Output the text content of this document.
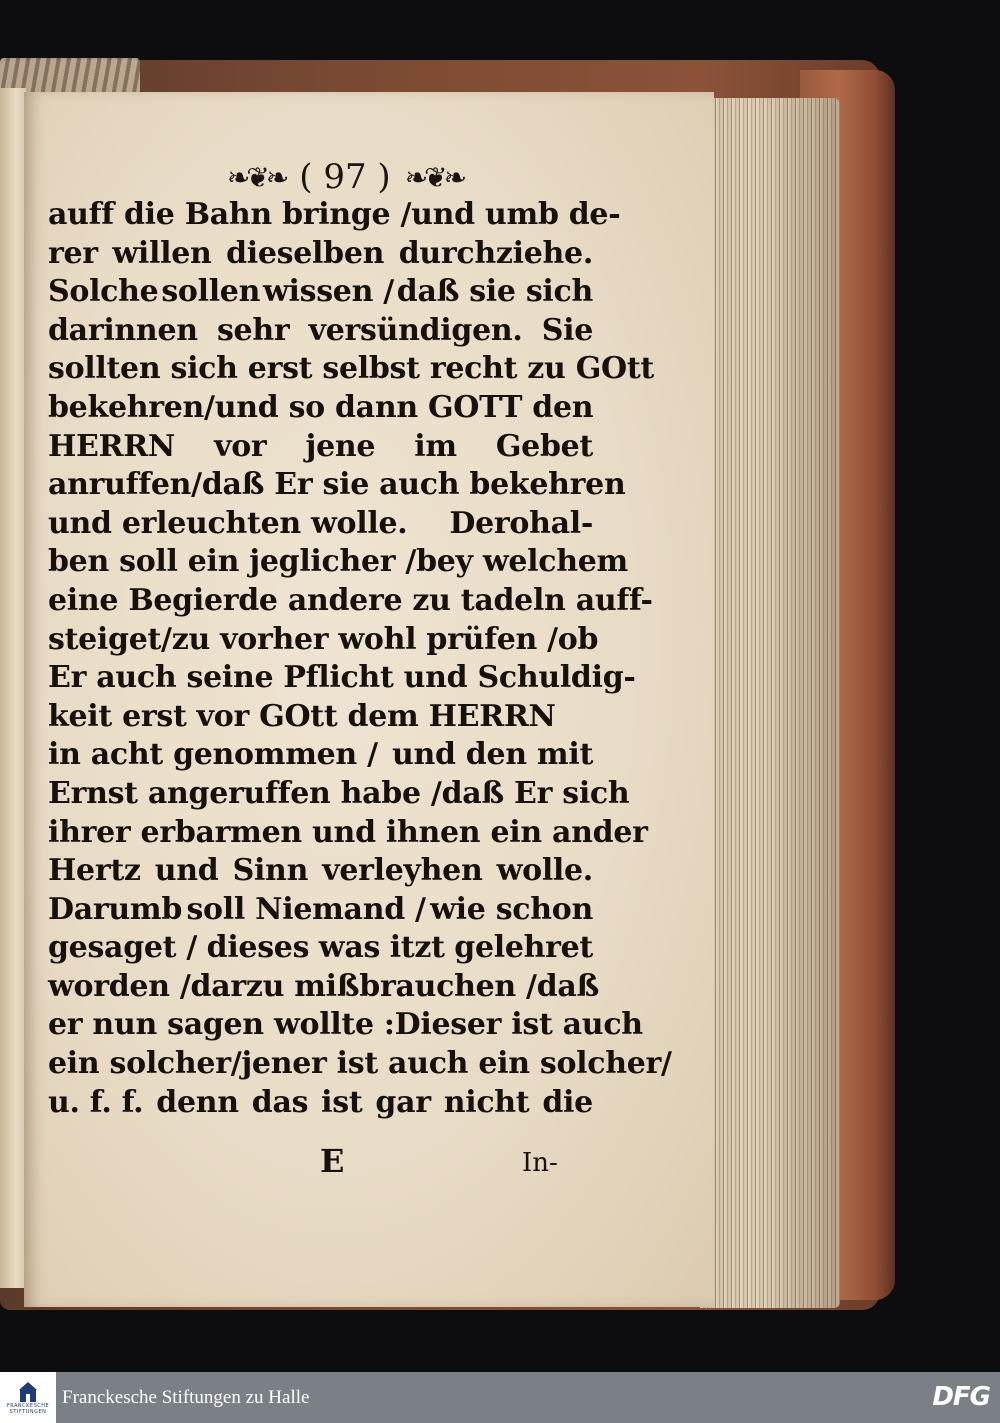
❧❦❧ ( 97 ) ❧❦❧
auff die Bahn bringe / und umb de-
rer willen dieselben durchziehe.
Solche sollen wissen / daß sie sich
darinnen sehr versündigen. Sie
sollten sich erst selbst recht zu GOtt
bekehren/ und so dann GOTT den
HERRN vor jene im Gebet
anruffen/ daß Er sie auch bekehren
und erleuchten wolle. Derohal-
ben soll ein jeglicher / bey welchem
eine Begierde andere zu tadeln auff-
steiget/ zu vorher wohl prüfen / ob
Er auch seine Pflicht und Schuldig-
keit erst vor GOtt dem HERRN
in acht genommen / und den mit
Ernst angeruffen habe / daß Er sich
ihrer erbarmen und ihnen ein ander
Hertz und Sinn verleyhen wolle.
Darumb soll Niemand / wie schon
gesaget / dieses was itzt gelehret
worden / darzu mißbrauchen / daß
er nun sagen wollte : Dieser ist auch
ein solcher/ jener ist auch ein solcher/
u. f. f. denn das ist gar nicht die
E	In-
FRANCKESCHE
STIFTUNGEN
Franckesche Stiftungen zu Halle	DFG
